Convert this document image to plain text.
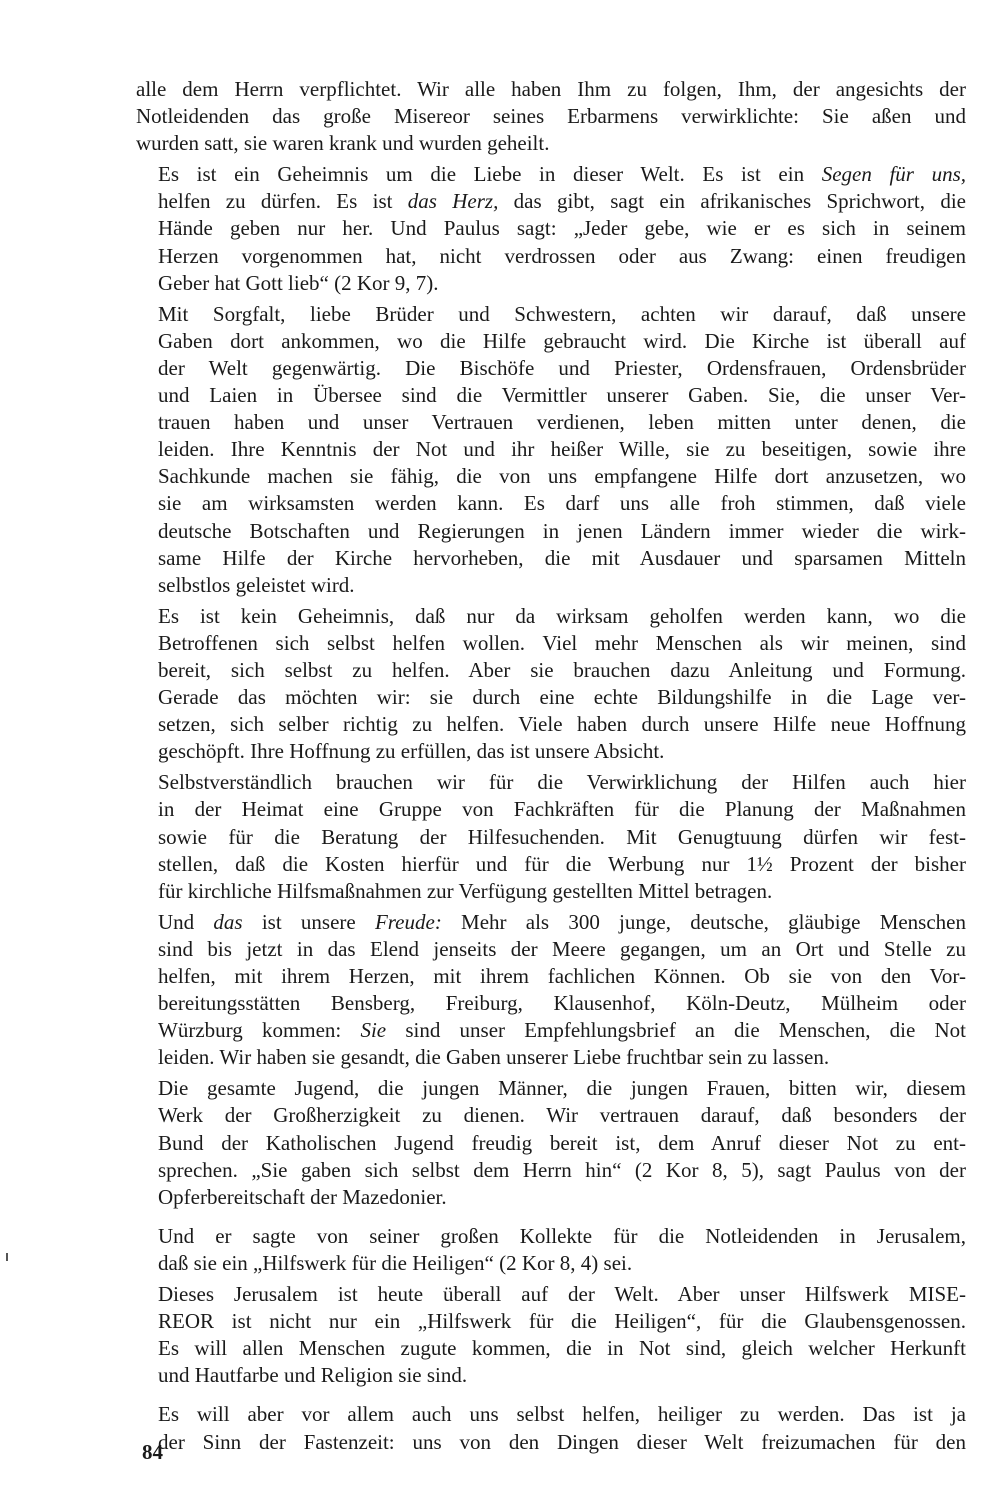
alle dem Herrn verpflichtet. Wir alle haben Ihm zu folgen, Ihm, der angesichts der
Notleidenden das große Misereor seines Erbarmens verwirklichte: Sie aßen und
wurden satt, sie waren krank und wurden geheilt.

Es ist ein Geheimnis um die Liebe in dieser Welt. Es ist ein Segen für uns,
helfen zu dürfen. Es ist das Herz, das gibt, sagt ein afrikanisches Sprichwort, die
Hände geben nur her. Und Paulus sagt: „Jeder gebe, wie er es sich in seinem
Herzen vorgenommen hat, nicht verdrossen oder aus Zwang: einen freudigen
Geber hat Gott lieb“ (2 Kor 9, 7).

Mit Sorgfalt, liebe Brüder und Schwestern, achten wir darauf, daß unsere
Gaben dort ankommen, wo die Hilfe gebraucht wird. Die Kirche ist überall auf
der Welt gegenwärtig. Die Bischöfe und Priester, Ordensfrauen, Ordensbrüder
und Laien in Übersee sind die Vermittler unserer Gaben. Sie, die unser Ver-
trauen haben und unser Vertrauen verdienen, leben mitten unter denen, die
leiden. Ihre Kenntnis der Not und ihr heißer Wille, sie zu beseitigen, sowie ihre
Sachkunde machen sie fähig, die von uns empfangene Hilfe dort anzusetzen, wo
sie am wirksamsten werden kann. Es darf uns alle froh stimmen, daß viele
deutsche Botschaften und Regierungen in jenen Ländern immer wieder die wirk-
same Hilfe der Kirche hervorheben, die mit Ausdauer und sparsamen Mitteln
selbstlos geleistet wird.

Es ist kein Geheimnis, daß nur da wirksam geholfen werden kann, wo die
Betroffenen sich selbst helfen wollen. Viel mehr Menschen als wir meinen, sind
bereit, sich selbst zu helfen. Aber sie brauchen dazu Anleitung und Formung.
Gerade das möchten wir: sie durch eine echte Bildungshilfe in die Lage ver-
setzen, sich selber richtig zu helfen. Viele haben durch unsere Hilfe neue Hoffnung
geschöpft. Ihre Hoffnung zu erfüllen, das ist unsere Absicht.

Selbstverständlich brauchen wir für die Verwirklichung der Hilfen auch hier
in der Heimat eine Gruppe von Fachkräften für die Planung der Maßnahmen
sowie für die Beratung der Hilfesuchenden. Mit Genugtuung dürfen wir fest-
stellen, daß die Kosten hierfür und für die Werbung nur 1½ Prozent der bisher
für kirchliche Hilfsmaßnahmen zur Verfügung gestellten Mittel betragen.

Und das ist unsere Freude: Mehr als 300 junge, deutsche, gläubige Menschen
sind bis jetzt in das Elend jenseits der Meere gegangen, um an Ort und Stelle zu
helfen, mit ihrem Herzen, mit ihrem fachlichen Können. Ob sie von den Vor-
bereitungsstätten Bensberg, Freiburg, Klausenhof, Köln-Deutz, Mülheim oder
Würzburg kommen: Sie sind unser Empfehlungsbrief an die Menschen, die Not
leiden. Wir haben sie gesandt, die Gaben unserer Liebe fruchtbar sein zu lassen.

Die gesamte Jugend, die jungen Männer, die jungen Frauen, bitten wir, diesem
Werk der Großherzigkeit zu dienen. Wir vertrauen darauf, daß besonders der
Bund der Katholischen Jugend freudig bereit ist, dem Anruf dieser Not zu ent-
sprechen. „Sie gaben sich selbst dem Herrn hin“ (2 Kor 8, 5), sagt Paulus von der
Opferbereitschaft der Mazedonier.

Und er sagte von seiner großen Kollekte für die Notleidenden in Jerusalem,
daß sie ein „Hilfswerk für die Heiligen“ (2 Kor 8, 4) sei.

Dieses Jerusalem ist heute überall auf der Welt. Aber unser Hilfswerk MISE-
REOR ist nicht nur ein „Hilfswerk für die Heiligen“, für die Glaubensgenossen.
Es will allen Menschen zugute kommen, die in Not sind, gleich welcher Herkunft
und Hautfarbe und Religion sie sind.

Es will aber vor allem auch uns selbst helfen, heiliger zu werden. Das ist ja
der Sinn der Fastenzeit: uns von den Dingen dieser Welt freizumachen für den

84
